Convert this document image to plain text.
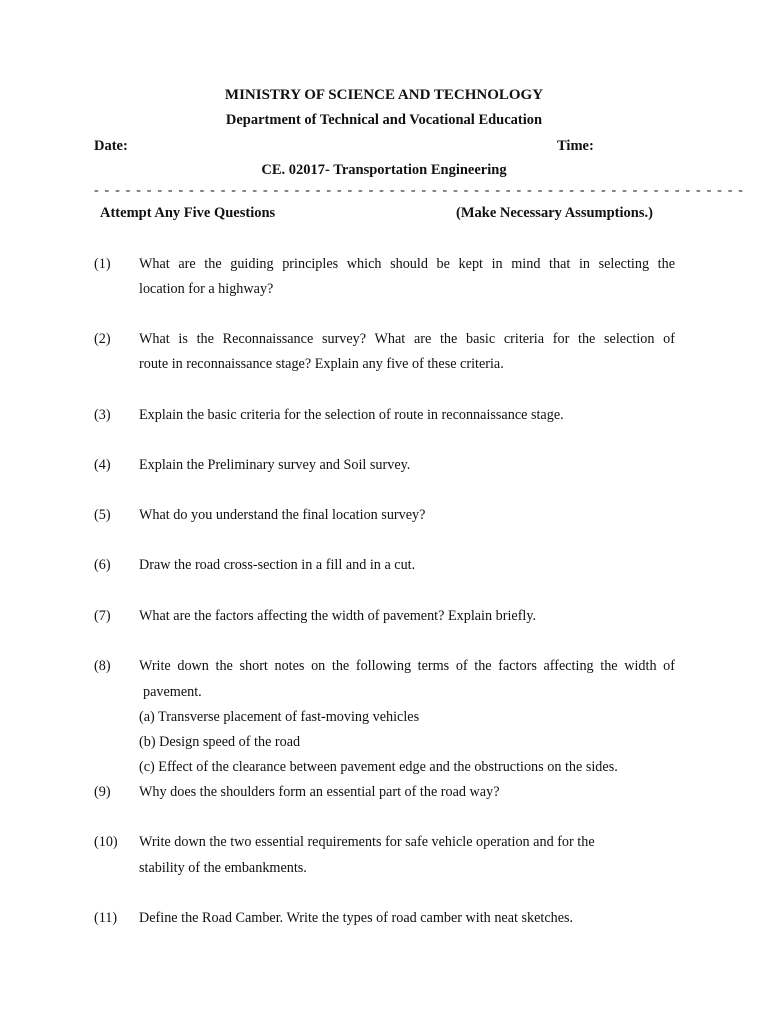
MINISTRY OF SCIENCE AND TECHNOLOGY
Department of Technical and Vocational Education
Date:	Time:
CE. 02017- Transportation Engineering
- - - - - - - - - - - - - - - - - - - - - - - - - - - - - - - - - - - - - - - - - - - - - - - - - - - - - - - - - - - - - -
Attempt Any Five Questions	(Make Necessary Assumptions.)
(1) What are the guiding principles which should be kept in mind that in selecting the
location for a highway?
(2) What is the Reconnaissance survey? What are the basic criteria for the selection of
route in reconnaissance stage? Explain any five of these criteria.
(3) Explain the basic criteria for the selection of route in reconnaissance stage.
(4) Explain the Preliminary survey and Soil survey.
(5) What do you understand the final location survey?
(6) Draw the road cross-section in a fill and in a cut.
(7) What are the factors affecting the width of pavement? Explain briefly.
(8) Write down the short notes on the following terms of the factors affecting the width of
pavement.
(a) Transverse placement of fast-moving vehicles
(b) Design speed of the road
(c) Effect of the clearance between pavement edge and the obstructions on the sides.
(9) Why does the shoulders form an essential part of the road way?
(10) Write down the two essential requirements for safe vehicle operation and for the
stability of the embankments.
(11) Define the Road Camber. Write the types of road camber with neat sketches.
